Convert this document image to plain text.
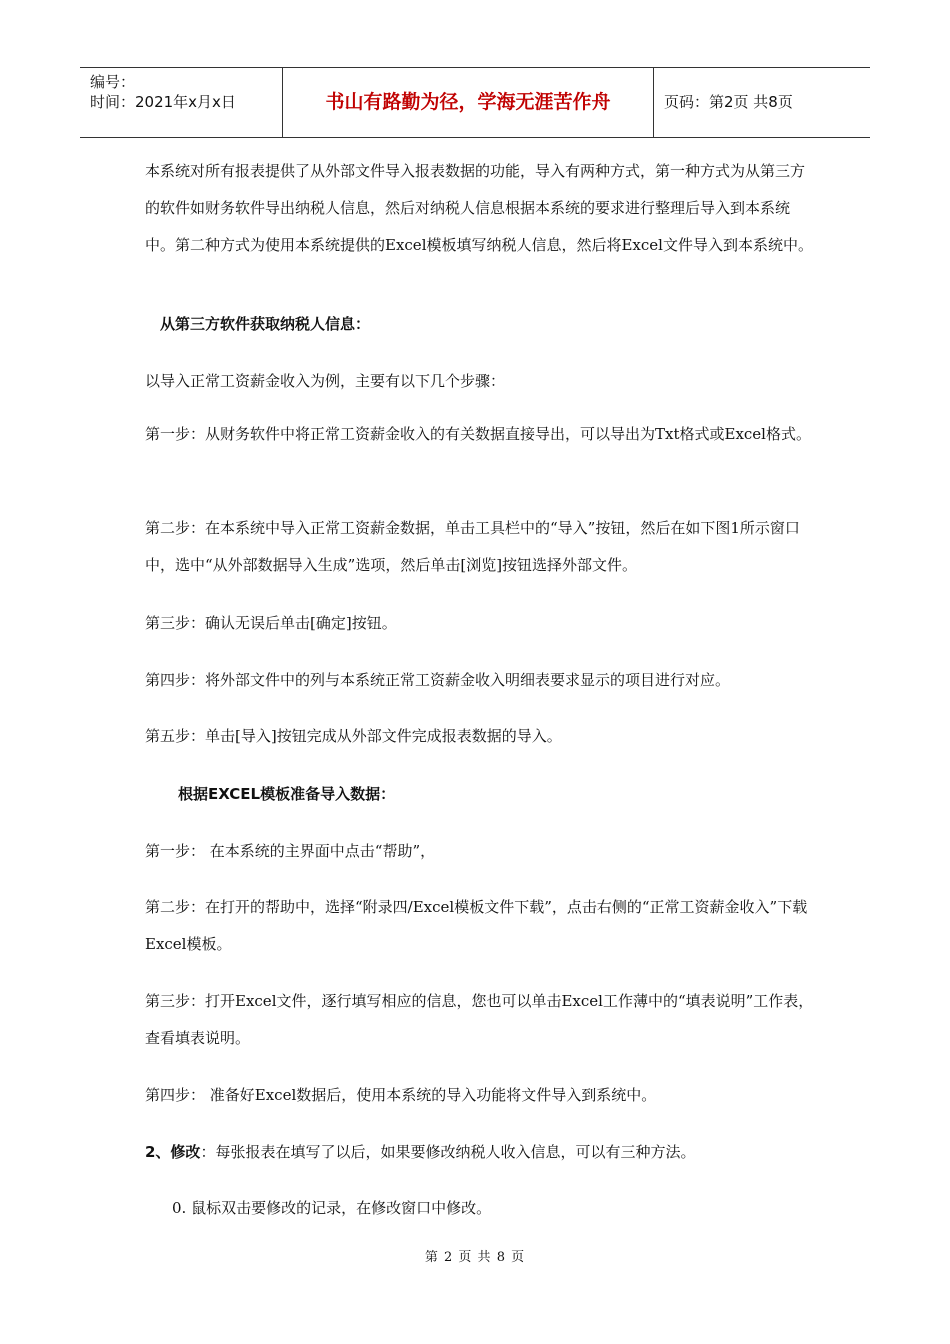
编号：
时间：2021年x月x日	书山有路勤为径，学海无涯苦作舟	页码：第2页 共8页

本系统对所有报表提供了从外部文件导入报表数据的功能，导入有两种方式，第一种方式为从第三方的软件如财务软件导出纳税人信息，然后对纳税人信息根据本系统的要求进行整理后导入到本系统中。第二种方式为使用本系统提供的Excel模板填写纳税人信息，然后将Excel文件导入到本系统中。

从第三方软件获取纳税人信息：

以导入正常工资薪金收入为例，主要有以下几个步骤：

第一步：从财务软件中将正常工资薪金收入的有关数据直接导出，可以导出为Txt格式或Excel格式。

第二步：在本系统中导入正常工资薪金数据，单击工具栏中的“导入”按钮，然后在如下图1所示窗口中，选中“从外部数据导入生成”选项，然后单击[浏览]按钮选择外部文件。

第三步：确认无误后单击[确定]按钮。

第四步：将外部文件中的列与本系统正常工资薪金收入明细表要求显示的项目进行对应。

第五步：单击[导入]按钮完成从外部文件完成报表数据的导入。

根据EXCEL模板准备导入数据：

第一步： 在本系统的主界面中点击“帮助”，

第二步：在打开的帮助中，选择“附录四/Excel模板文件下载”，点击右侧的“正常工资薪金收入”下载Excel模板。

第三步：打开Excel文件，逐行填写相应的信息，您也可以单击Excel工作薄中的“填表说明”工作表，查看填表说明。

第四步： 准备好Excel数据后，使用本系统的导入功能将文件导入到系统中。

2、修改：每张报表在填写了以后，如果要修改纳税人收入信息，可以有三种方法。

0. 鼠标双击要修改的记录，在修改窗口中修改。

第 2 页 共 8 页
